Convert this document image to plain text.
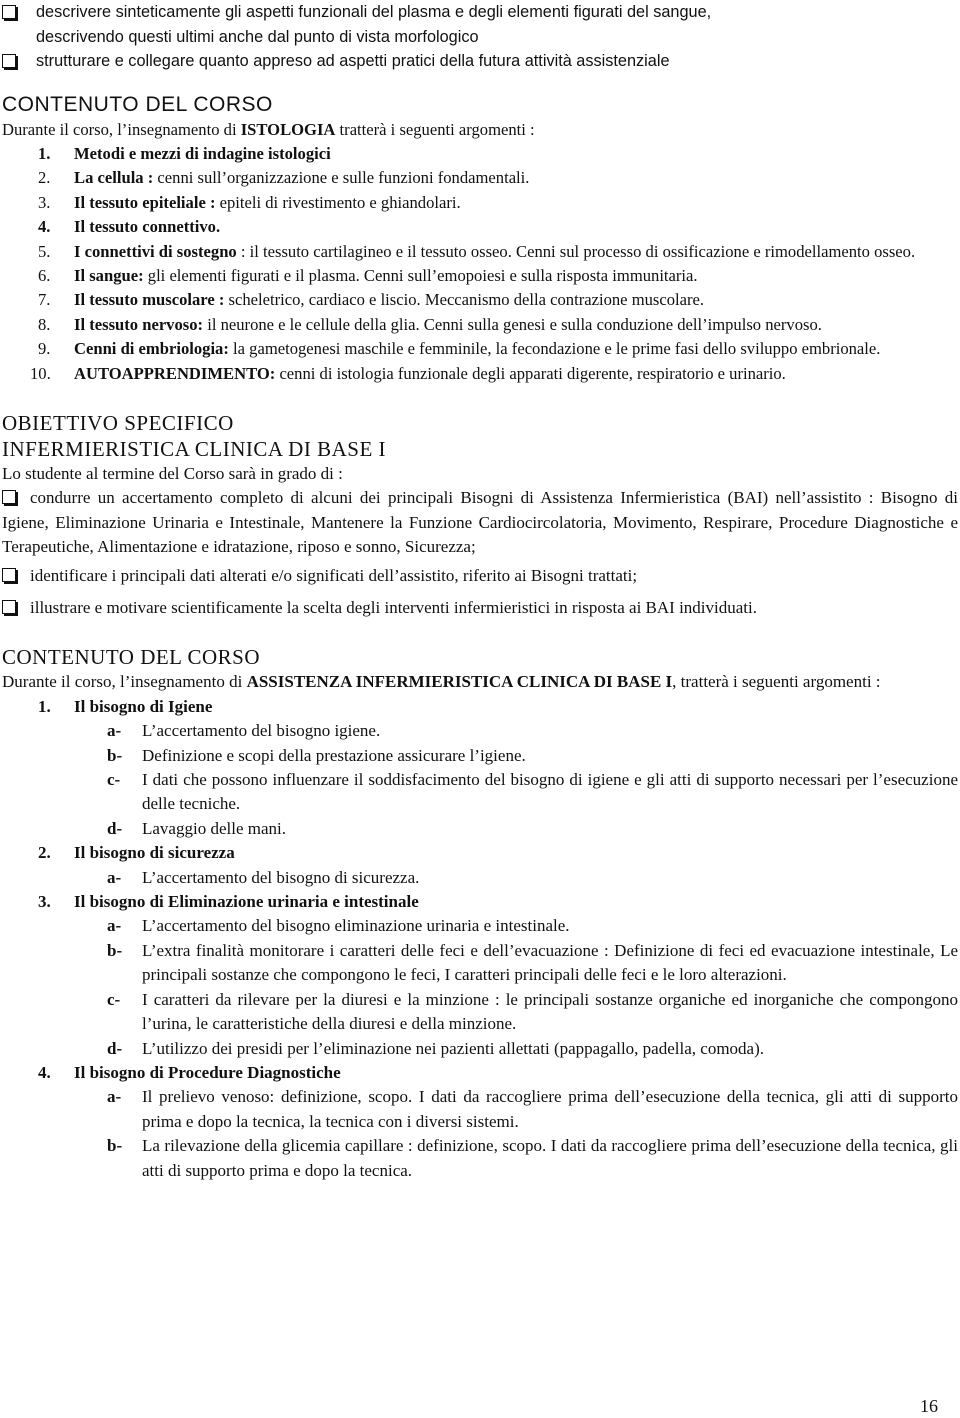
descrivere sinteticamente gli aspetti funzionali del plasma e degli elementi figurati del sangue,
descrivendo questi ultimi anche dal punto di vista morfologico
strutturare e collegare quanto appreso ad aspetti pratici della futura attività assistenziale
CONTENUTO DEL CORSO
Durante il corso, l’insegnamento di ISTOLOGIA tratterà i seguenti argomenti :
1. Metodi e mezzi di indagine istologici
2. La cellula : cenni sull’organizzazione e sulle funzioni fondamentali.
3. Il tessuto epiteliale : epiteli di rivestimento e ghiandolari.
4. Il tessuto connettivo.
5. I connettivi di sostegno : il tessuto cartilagineo e il tessuto osseo. Cenni sul processo di ossificazione e rimodellamento osseo.
6. Il sangue: gli elementi figurati e il plasma. Cenni sull’emopoiesi e sulla risposta immunitaria.
7. Il tessuto muscolare : scheletrico, cardiaco e liscio. Meccanismo della contrazione muscolare.
8. Il tessuto nervoso: il neurone e le cellule della glia. Cenni sulla genesi e sulla conduzione dell’impulso nervoso.
9. Cenni di embriologia: la gametogenesi maschile e femminile, la fecondazione e le prime fasi dello sviluppo embrionale.
10. AUTOAPPRENDIMENTO: cenni di istologia funzionale degli apparati digerente, respiratorio e urinario.
OBIETTIVO SPECIFICO
INFERMIERISTICA CLINICA DI BASE I
Lo studente al termine del Corso sarà in grado di :
condurre un accertamento completo di alcuni dei principali Bisogni di Assistenza Infermieristica (BAI) nell’assistito : Bisogno di Igiene, Eliminazione Urinaria e Intestinale, Mantenere la Funzione Cardiocircolatoria, Movimento, Respirare, Procedure Diagnostiche e Terapeutiche, Alimentazione e idratazione, riposo e sonno, Sicurezza;
identificare i principali dati alterati e/o significati dell’assistito, riferito ai Bisogni trattati;
illustrare e motivare scientificamente la scelta degli interventi infermieristici in risposta ai BAI individuati.
CONTENUTO DEL CORSO
Durante il corso, l’insegnamento di ASSISTENZA INFERMIERISTICA CLINICA DI BASE I, tratterà i seguenti argomenti :
1. Il bisogno di Igiene
a- L’accertamento del bisogno igiene.
b- Definizione e scopi della prestazione assicurare l’igiene.
c- I dati che possono influenzare il soddisfacimento del bisogno di igiene e gli atti di supporto necessari per l’esecuzione delle tecniche.
d- Lavaggio delle mani.
2. Il bisogno di sicurezza
a- L’accertamento del bisogno di sicurezza.
3. Il bisogno di Eliminazione urinaria e intestinale
a- L’accertamento del bisogno eliminazione urinaria e intestinale.
b- L’extra finalità monitorare i caratteri delle feci e dell’evacuazione : Definizione di feci ed evacuazione intestinale, Le principali sostanze che compongono le feci, I caratteri principali delle feci e le loro alterazioni.
c- I caratteri da rilevare per la diuresi e la minzione : le principali sostanze organiche ed inorganiche che compongono l’urina, le caratteristiche della diuresi e della minzione.
d- L’utilizzo dei presidi per l’eliminazione nei pazienti allettati (pappagallo, padella, comoda).
4. Il bisogno di Procedure Diagnostiche
a- Il prelievo venoso: definizione, scopo. I dati da raccogliere prima dell’esecuzione della tecnica, gli atti di supporto prima e dopo la tecnica, la tecnica con i diversi sistemi.
b- La rilevazione della glicemia capillare : definizione, scopo. I dati da raccogliere prima dell’esecuzione della tecnica, gli atti di supporto prima e dopo la tecnica.
16
